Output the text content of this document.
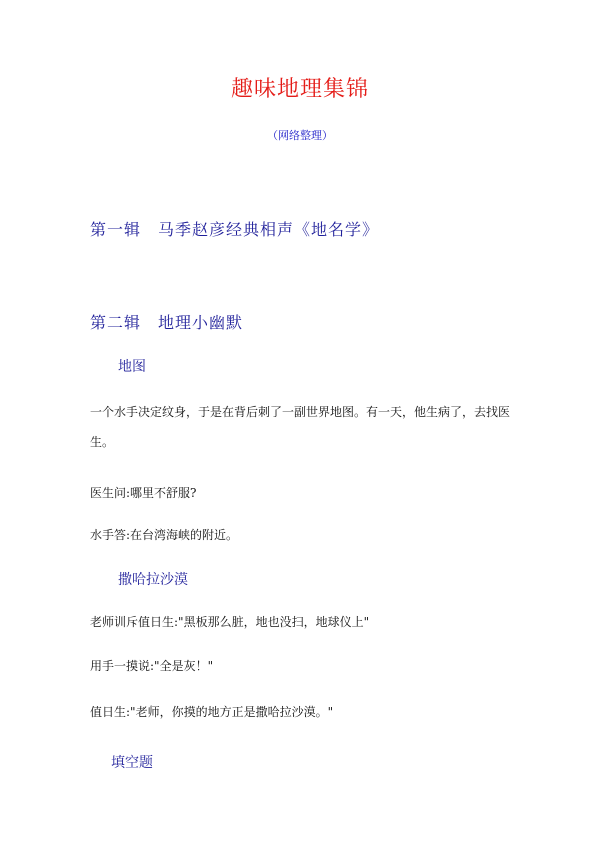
趣味地理集锦
（网络整理）
第一辑　马季赵彦经典相声《地名学》
第二辑　地理小幽默
地图
一个水手决定纹身，于是在背后刺了一副世界地图。有一天，他生病了，去找医生。
医生问:哪里不舒服?
水手答:在台湾海峡的附近。
撒哈拉沙漠
老师训斥值日生:"黑板那么脏，地也没扫，地球仪上"
用手一摸说:"全是灰！"
值日生:"老师，你摸的地方正是撒哈拉沙漠。"
填空题
